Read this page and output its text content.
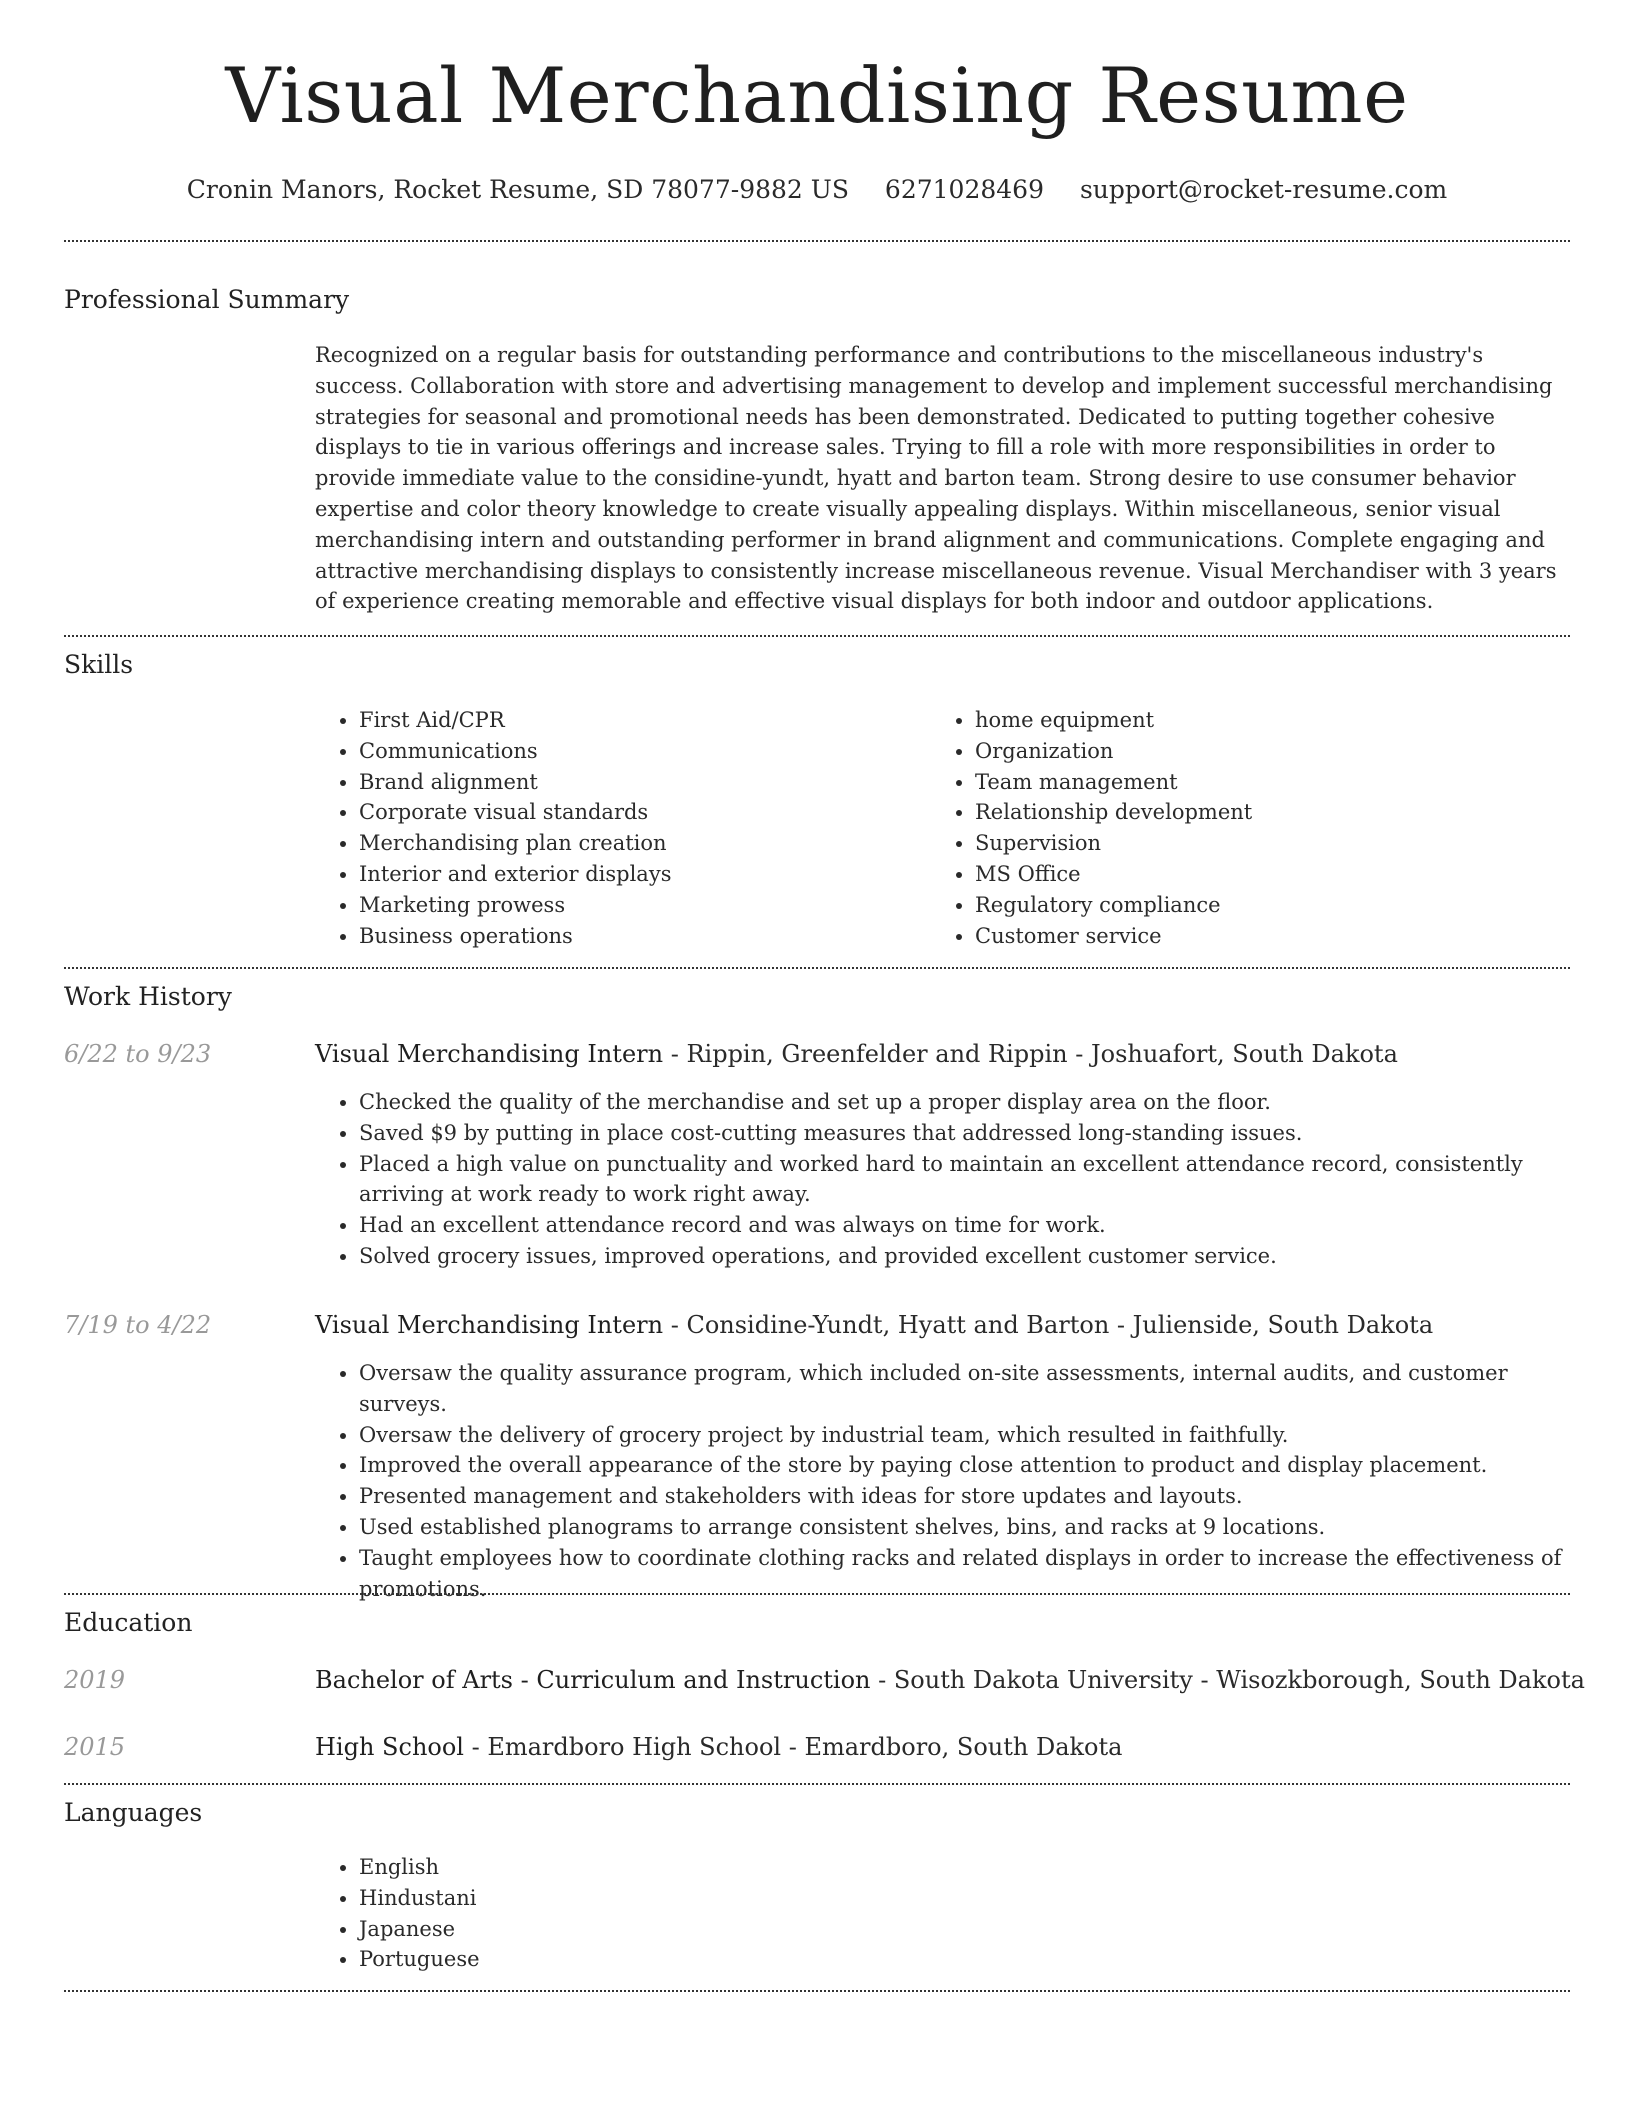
Visual Merchandising Resume
Cronin Manors, Rocket Resume, SD 78077-9882 US 6271028469 support@rocket-resume.com
Professional Summary
Recognized on a regular basis for outstanding performance and contributions to the miscellaneous industry's success. Collaboration with store and advertising management to develop and implement successful merchandising strategies for seasonal and promotional needs has been demonstrated. Dedicated to putting together cohesive displays to tie in various offerings and increase sales. Trying to fill a role with more responsibilities in order to provide immediate value to the considine-yundt, hyatt and barton team. Strong desire to use consumer behavior expertise and color theory knowledge to create visually appealing displays. Within miscellaneous, senior visual merchandising intern and outstanding performer in brand alignment and communications. Complete engaging and attractive merchandising displays to consistently increase miscellaneous revenue. Visual Merchandiser with 3 years of experience creating memorable and effective visual displays for both indoor and outdoor applications.
Skills
• First Aid/CPR
• Communications
• Brand alignment
• Corporate visual standards
• Merchandising plan creation
• Interior and exterior displays
• Marketing prowess
• Business operations
• home equipment
• Organization
• Team management
• Relationship development
• Supervision
• MS Office
• Regulatory compliance
• Customer service
Work History
6/22 to 9/23	Visual Merchandising Intern - Rippin, Greenfelder and Rippin - Joshuafort, South Dakota
• Checked the quality of the merchandise and set up a proper display area on the floor.
• Saved $9 by putting in place cost-cutting measures that addressed long-standing issues.
• Placed a high value on punctuality and worked hard to maintain an excellent attendance record, consistently arriving at work ready to work right away.
• Had an excellent attendance record and was always on time for work.
• Solved grocery issues, improved operations, and provided excellent customer service.
7/19 to 4/22	Visual Merchandising Intern - Considine-Yundt, Hyatt and Barton - Julienside, South Dakota
• Oversaw the quality assurance program, which included on-site assessments, internal audits, and customer surveys.
• Oversaw the delivery of grocery project by industrial team, which resulted in faithfully.
• Improved the overall appearance of the store by paying close attention to product and display placement.
• Presented management and stakeholders with ideas for store updates and layouts.
• Used established planograms to arrange consistent shelves, bins, and racks at 9 locations.
• Taught employees how to coordinate clothing racks and related displays in order to increase the effectiveness of promotions.
Education
2019	Bachelor of Arts - Curriculum and Instruction - South Dakota University - Wisozkborough, South Dakota
2015	High School - Emardboro High School - Emardboro, South Dakota
Languages
• English
• Hindustani
• Japanese
• Portuguese
